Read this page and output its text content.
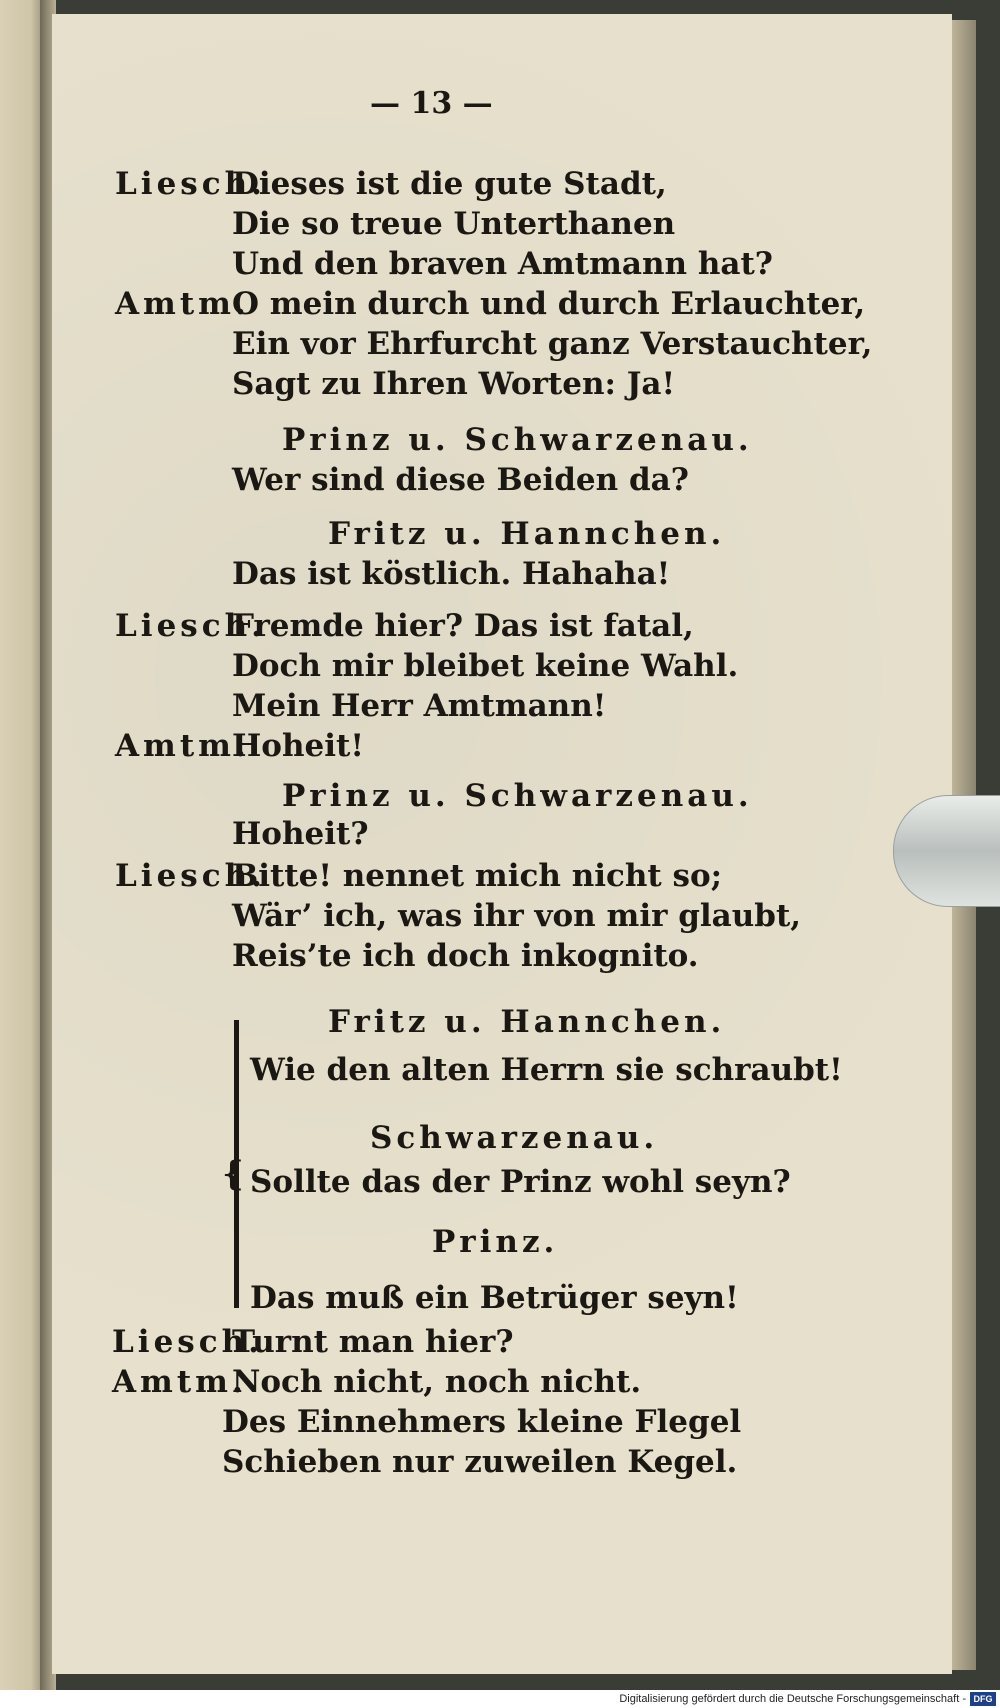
— 13 —
Liesch.
Dieses ist die gute Stadt,
Die so treue Unterthanen
Und den braven Amtmann hat?
Amtm.
O mein durch und durch Erlauchter,
Ein vor Ehrfurcht ganz Verstauchter,
Sagt zu Ihren Worten: Ja!
Prinz u. Schwarzenau.
Wer sind diese Beiden da?
Fritz u. Hannchen.
Das ist köstlich. Hahaha!
Liesch.
Fremde hier? Das ist fatal,
Doch mir bleibet keine Wahl.
Mein Herr Amtmann!
Amtm.
Hoheit!
Prinz u. Schwarzenau.
Hoheit?
Liesch.
Bitte! nennet mich nicht so;
Wär’ ich, was ihr von mir glaubt,
Reis’te ich doch inkognito.
{
Fritz u. Hannchen.
Wie den alten Herrn sie schraubt!
Schwarzenau.
Sollte das der Prinz wohl seyn?
Prinz.
Das muß ein Betrüger seyn!
Liesch.
Turnt man hier?
Amtm.
Noch nicht, noch nicht.
Des Einnehmers kleine Flegel
Schieben nur zuweilen Kegel.
Digitalisierung gefördert durch die Deutsche Forschungsgemeinschaft - DFG
